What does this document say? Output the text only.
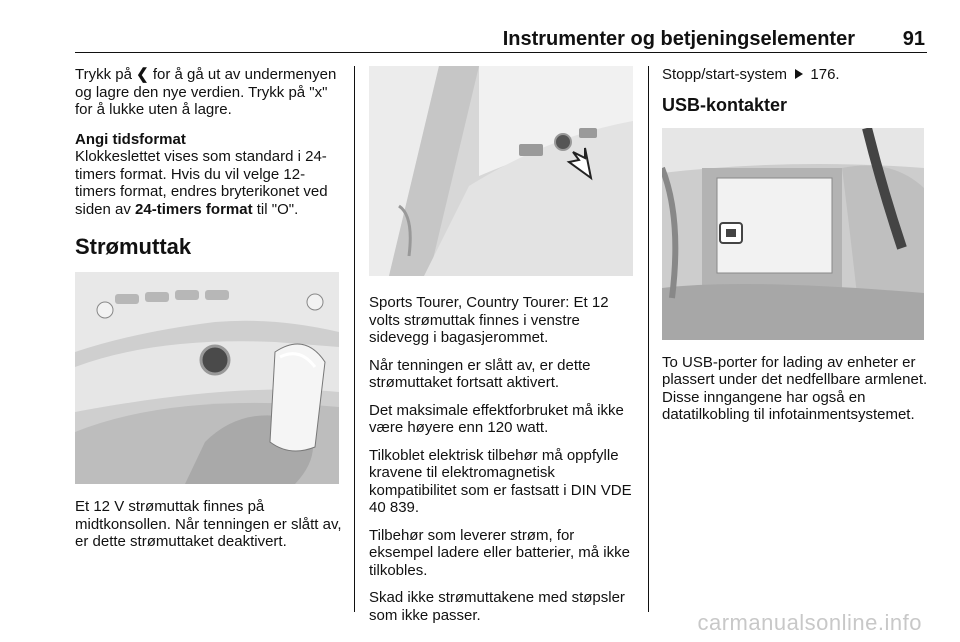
Instrumenter og betjeningselementer 91

Trykk på ❮ for å gå ut av undermenyen og lagre den nye verdien. Trykk på "x" for å lukke uten å lagre.

Angi tidsformat

Klokkeslettet vises som standard i 24-timers format. Hvis du vil velge 12-timers format, endres bryterikonet ved siden av 24-timers format til "O".

Strømuttak

Et 12 V strømuttak finnes på midtkonsollen. Når tenningen er slått av, er dette strømuttaket deaktivert.

Sports Tourer, Country Tourer: Et 12 volts strømuttak finnes i venstre sidevegg i bagasjerommet.

Når tenningen er slått av, er dette strømuttaket fortsatt aktivert.

Det maksimale effektforbruket må ikke være høyere enn 120 watt.

Tilkoblet elektrisk tilbehør må oppfylle kravene til elektromagnetisk kompatibilitet som er fastsatt i DIN VDE 40 839.

Tilbehør som leverer strøm, for eksempel ladere eller batterier, må ikke tilkobles.

Skad ikke strømuttakene med støpsler som ikke passer.

Stopp/start-system 176.

USB-kontakter

To USB-porter for lading av enheter er plassert under det nedfellbare armlenet. Disse inngangene har også en datatilkobling til infotainmentsystemet.

carmanualsonline.info
